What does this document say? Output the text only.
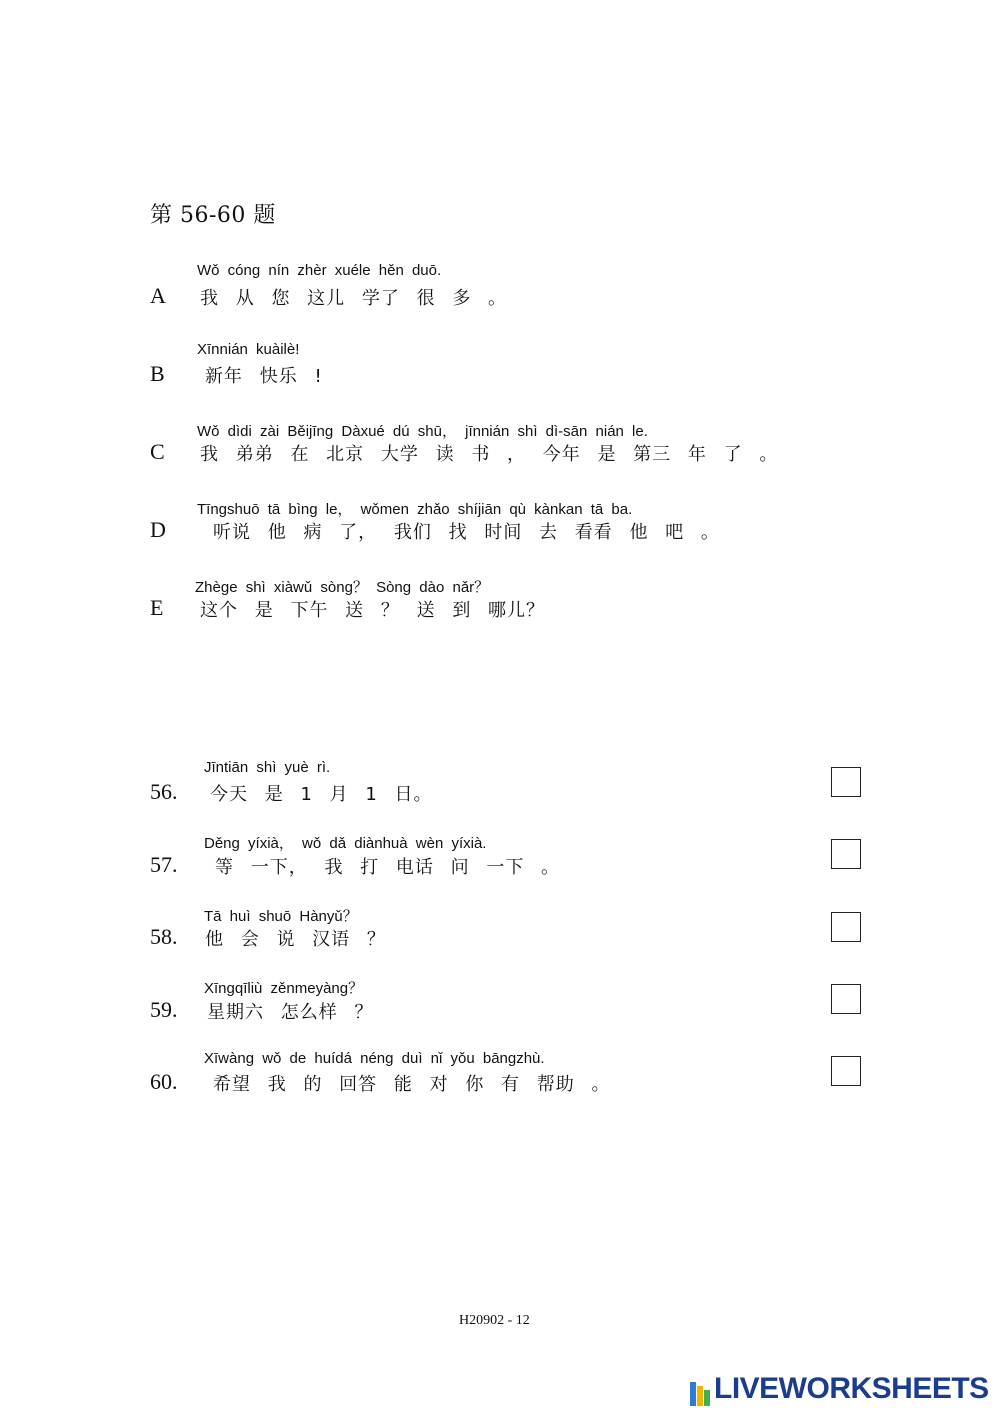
第 56-60 题
Wǒ cóng nín zhèr xuéle hěn duō.
A 我 从 您 这儿 学了 很 多 。
Xīnnián kuàilè!
B 新年 快乐 !
Wǒ dìdi zài Běijīng Dàxué dú shū， jīnnián shì dì-sān nián le.
C 我 弟弟 在 北京 大学 读 书 ， 今年 是 第三 年 了 。
Tīngshuō tā bìng le， wǒmen zhǎo shíjiān qù kànkan tā ba.
D	听说 他 病 了， 我们 找 时间 去 看看 他 吧 。
Zhège shì xiàwǔ sòng？ Sòng dào nǎr？
E 这个 是 下午 送 ？ 送 到 哪儿？
Jīntiān shì yuè rì.
56. 今天 是 1 月 1 日。
Děng yíxià， wǒ dǎ diànhuà wèn yíxià.
57. 等 一下， 我 打 电话 问 一下 。
Tā huì shuō Hànyǔ？
58. 他 会 说 汉语 ？
Xīngqīliù zěnmeyàng？
59. 星期六 怎么样 ？
Xīwàng wǒ de huídá néng duì nǐ yǒu bāngzhù.
60. 希望 我 的 回答 能 对 你 有 帮助 。
H20902 - 12
LIVEWORKSHEETS
